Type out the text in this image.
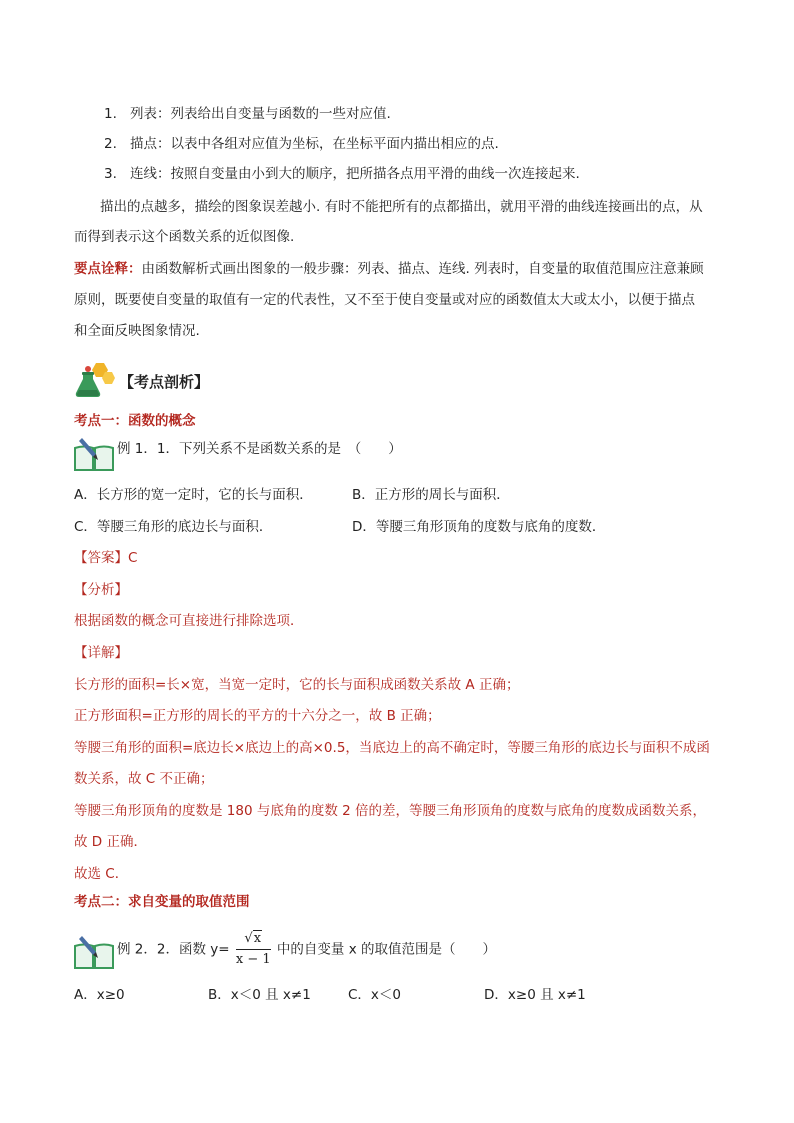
1. 列表：列表给出自变量与函数的一些对应值.
2. 描点：以表中各组对应值为坐标，在坐标平面内描出相应的点.
3. 连线：按照自变量由小到大的顺序，把所描各点用平滑的曲线一次连接起来.
描出的点越多，描绘的图象误差越小. 有时不能把所有的点都描出，就用平滑的曲线连接画出的点，从
而得到表示这个函数关系的近似图像.
要点诠释：由函数解析式画出图象的一般步骤：列表、描点、连线. 列表时，自变量的取值范围应注意兼顾
原则，既要使自变量的取值有一定的代表性，又不至于使自变量或对应的函数值太大或太小，以便于描点
和全面反映图象情况.
【考点剖析】
考点一：函数的概念
例 1．1．下列关系不是函数关系的是　（　　）
A．长方形的宽一定时，它的长与面积．	B．正方形的周长与面积．
C．等腰三角形的底边长与面积．	D．等腰三角形顶角的度数与底角的度数．
【答案】C
【分析】
根据函数的概念可直接进行排除选项．
【详解】
长方形的面积=长×宽，当宽一定时，它的长与面积成函数关系故 A 正确；
正方形面积=正方形的周长的平方的十六分之一，故 B 正确；
等腰三角形的面积=底边长×底边上的高×0.5，当底边上的高不确定时，等腰三角形的底边长与面积不成函
数关系，故 C 不正确；
等腰三角形顶角的度数是 180 与底角的度数 2 倍的差，等腰三角形顶角的度数与底角的度数成函数关系，
故 D 正确．
故选 C．
考点二：求自变量的取值范围
例 2．2．函数 $y= \frac{√x}{x - 1}$ 中的自变量 x 的取值范围是（　　）
A．x≥0	B．x＜0 且 x≠1	C．x＜0	D．x≥0 且 x≠1
